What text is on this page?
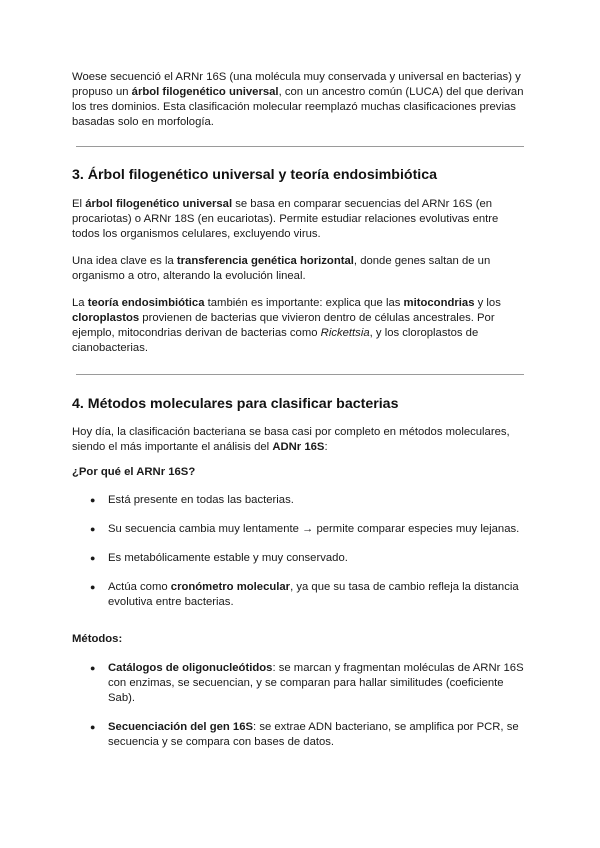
Woese secuenció el ARNr 16S (una molécula muy conservada y universal en bacterias) y propuso un árbol filogenético universal, con un ancestro común (LUCA) del que derivan los tres dominios. Esta clasificación molecular reemplazó muchas clasificaciones previas basadas solo en morfología.

3. Árbol filogenético universal y teoría endosimbiótica

El árbol filogenético universal se basa en comparar secuencias del ARNr 16S (en procariotas) o ARNr 18S (en eucariotas). Permite estudiar relaciones evolutivas entre todos los organismos celulares, excluyendo virus.

Una idea clave es la transferencia genética horizontal, donde genes saltan de un organismo a otro, alterando la evolución lineal.

La teoría endosimbiótica también es importante: explica que las mitocondrias y los cloroplastos provienen de bacterias que vivieron dentro de células ancestrales. Por ejemplo, mitocondrias derivan de bacterias como Rickettsia, y los cloroplastos de cianobacterias.

4. Métodos moleculares para clasificar bacterias

Hoy día, la clasificación bacteriana se basa casi por completo en métodos moleculares, siendo el más importante el análisis del ADNr 16S:

¿Por qué el ARNr 16S?

● Está presente en todas las bacterias.
● Su secuencia cambia muy lentamente → permite comparar especies muy lejanas.
● Es metabólicamente estable y muy conservado.
● Actúa como cronómetro molecular, ya que su tasa de cambio refleja la distancia evolutiva entre bacterias.

Métodos:

● Catálogos de oligonucleótidos: se marcan y fragmentan moléculas de ARNr 16S con enzimas, se secuencian, y se comparan para hallar similitudes (coeficiente Sab).
● Secuenciación del gen 16S: se extrae ADN bacteriano, se amplifica por PCR, se secuencia y se compara con bases de datos.
